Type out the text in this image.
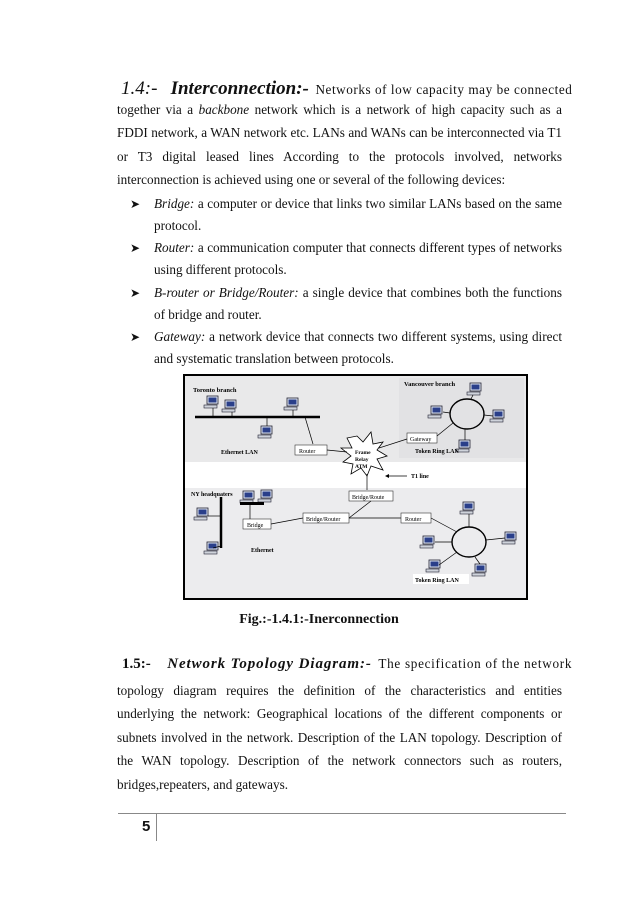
1.4:- Interconnection:- Networks of low capacity may be connected
together via a backbone network which is a network of high capacity such as a FDDI network, a WAN network etc. LANs and WANs can be interconnected via T1 or T3 digital leased lines According to the protocols involved, networks interconnection is achieved using one or several of the following devices:
➤	Bridge: a computer or device that links two similar LANs based on the same protocol.
➤	Router: a communication computer that connects different types of networks using different protocols.
➤	B-router or Bridge/Router: a single device that combines both the functions of bridge and router.
➤	Gateway: a network device that connects two different systems, using direct and systematic translation between protocols.
Toronto branch
Ethernet LAN	Router
Vancouver branch
Gateway
Token Ring LAN
Frame
Relay
ATM
T1 line
NY headquaters
Bridge
Ethernet
Bridge/Router
Bridge/Route
Router
Token Ring LAN
Fig.:-1.4.1:-Inerconnection
1.5:- Network Topology Diagram:- The specification of the network
topology diagram requires the definition of the characteristics and entities underlying the network: Geographical locations of the different components or subnets involved in the network. Description of the LAN topology. Description of the WAN topology. Description of the network connectors such as routers, bridges,repeaters, and gateways.
5
